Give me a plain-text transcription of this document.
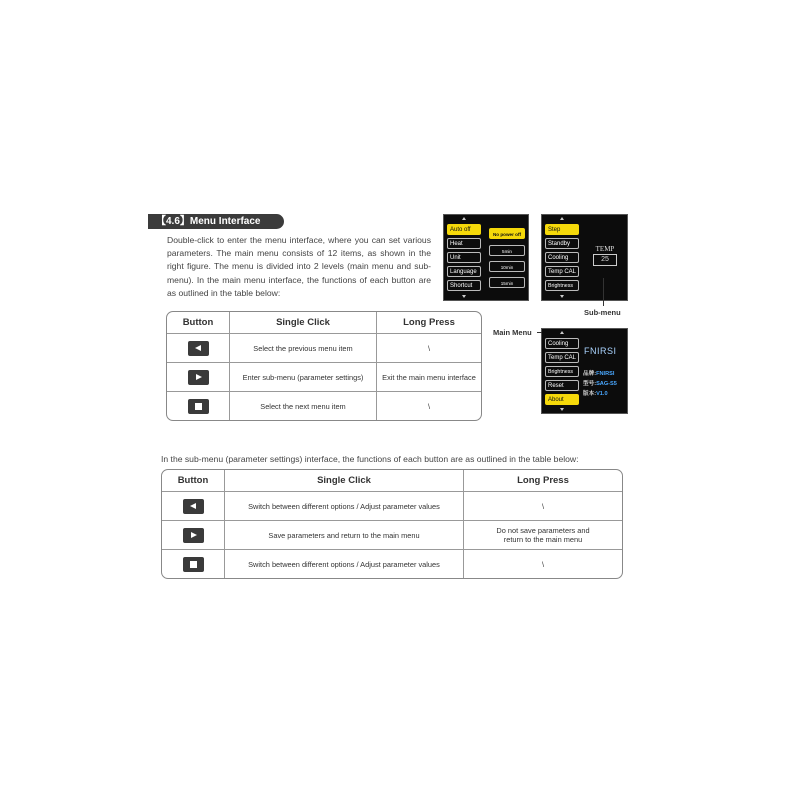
【4.6】Menu Interface
Double-click to enter the menu interface, where you can set various parameters. The main menu consists of 12 items, as shown in the right figure. The menu is divided into 2 levels (main menu and sub-menu). In the main menu interface, the functions of each button are as outlined in the table below:
Button	Single Click	Long Press

	Select the previous menu item	\

	Enter sub-menu (parameter settings)	Exit the main menu interface

	Select the next menu item	\
In the sub-menu (parameter settings) interface, the functions of each button are as outlined in the table below:
Button	Single Click	Long Press

	Switch between different options / Adjust parameter values	\

	Save parameters and return to the main menu	Do not save parameters and
return to the main menu

	Switch between different options / Adjust parameter values	\
Auto off
Heat
Unit
Language
Shortcut
No power off
5min
10min
15min
Step
Standby
Cooling
Temp CAL
Brightness
TEMP
25
Cooling
Temp CAL
Brightness
Reset
About
FNIRSI
品牌:FNIRSI
型号:SAG-S5
版本:V1.0
Sub-menu
Main Menu
